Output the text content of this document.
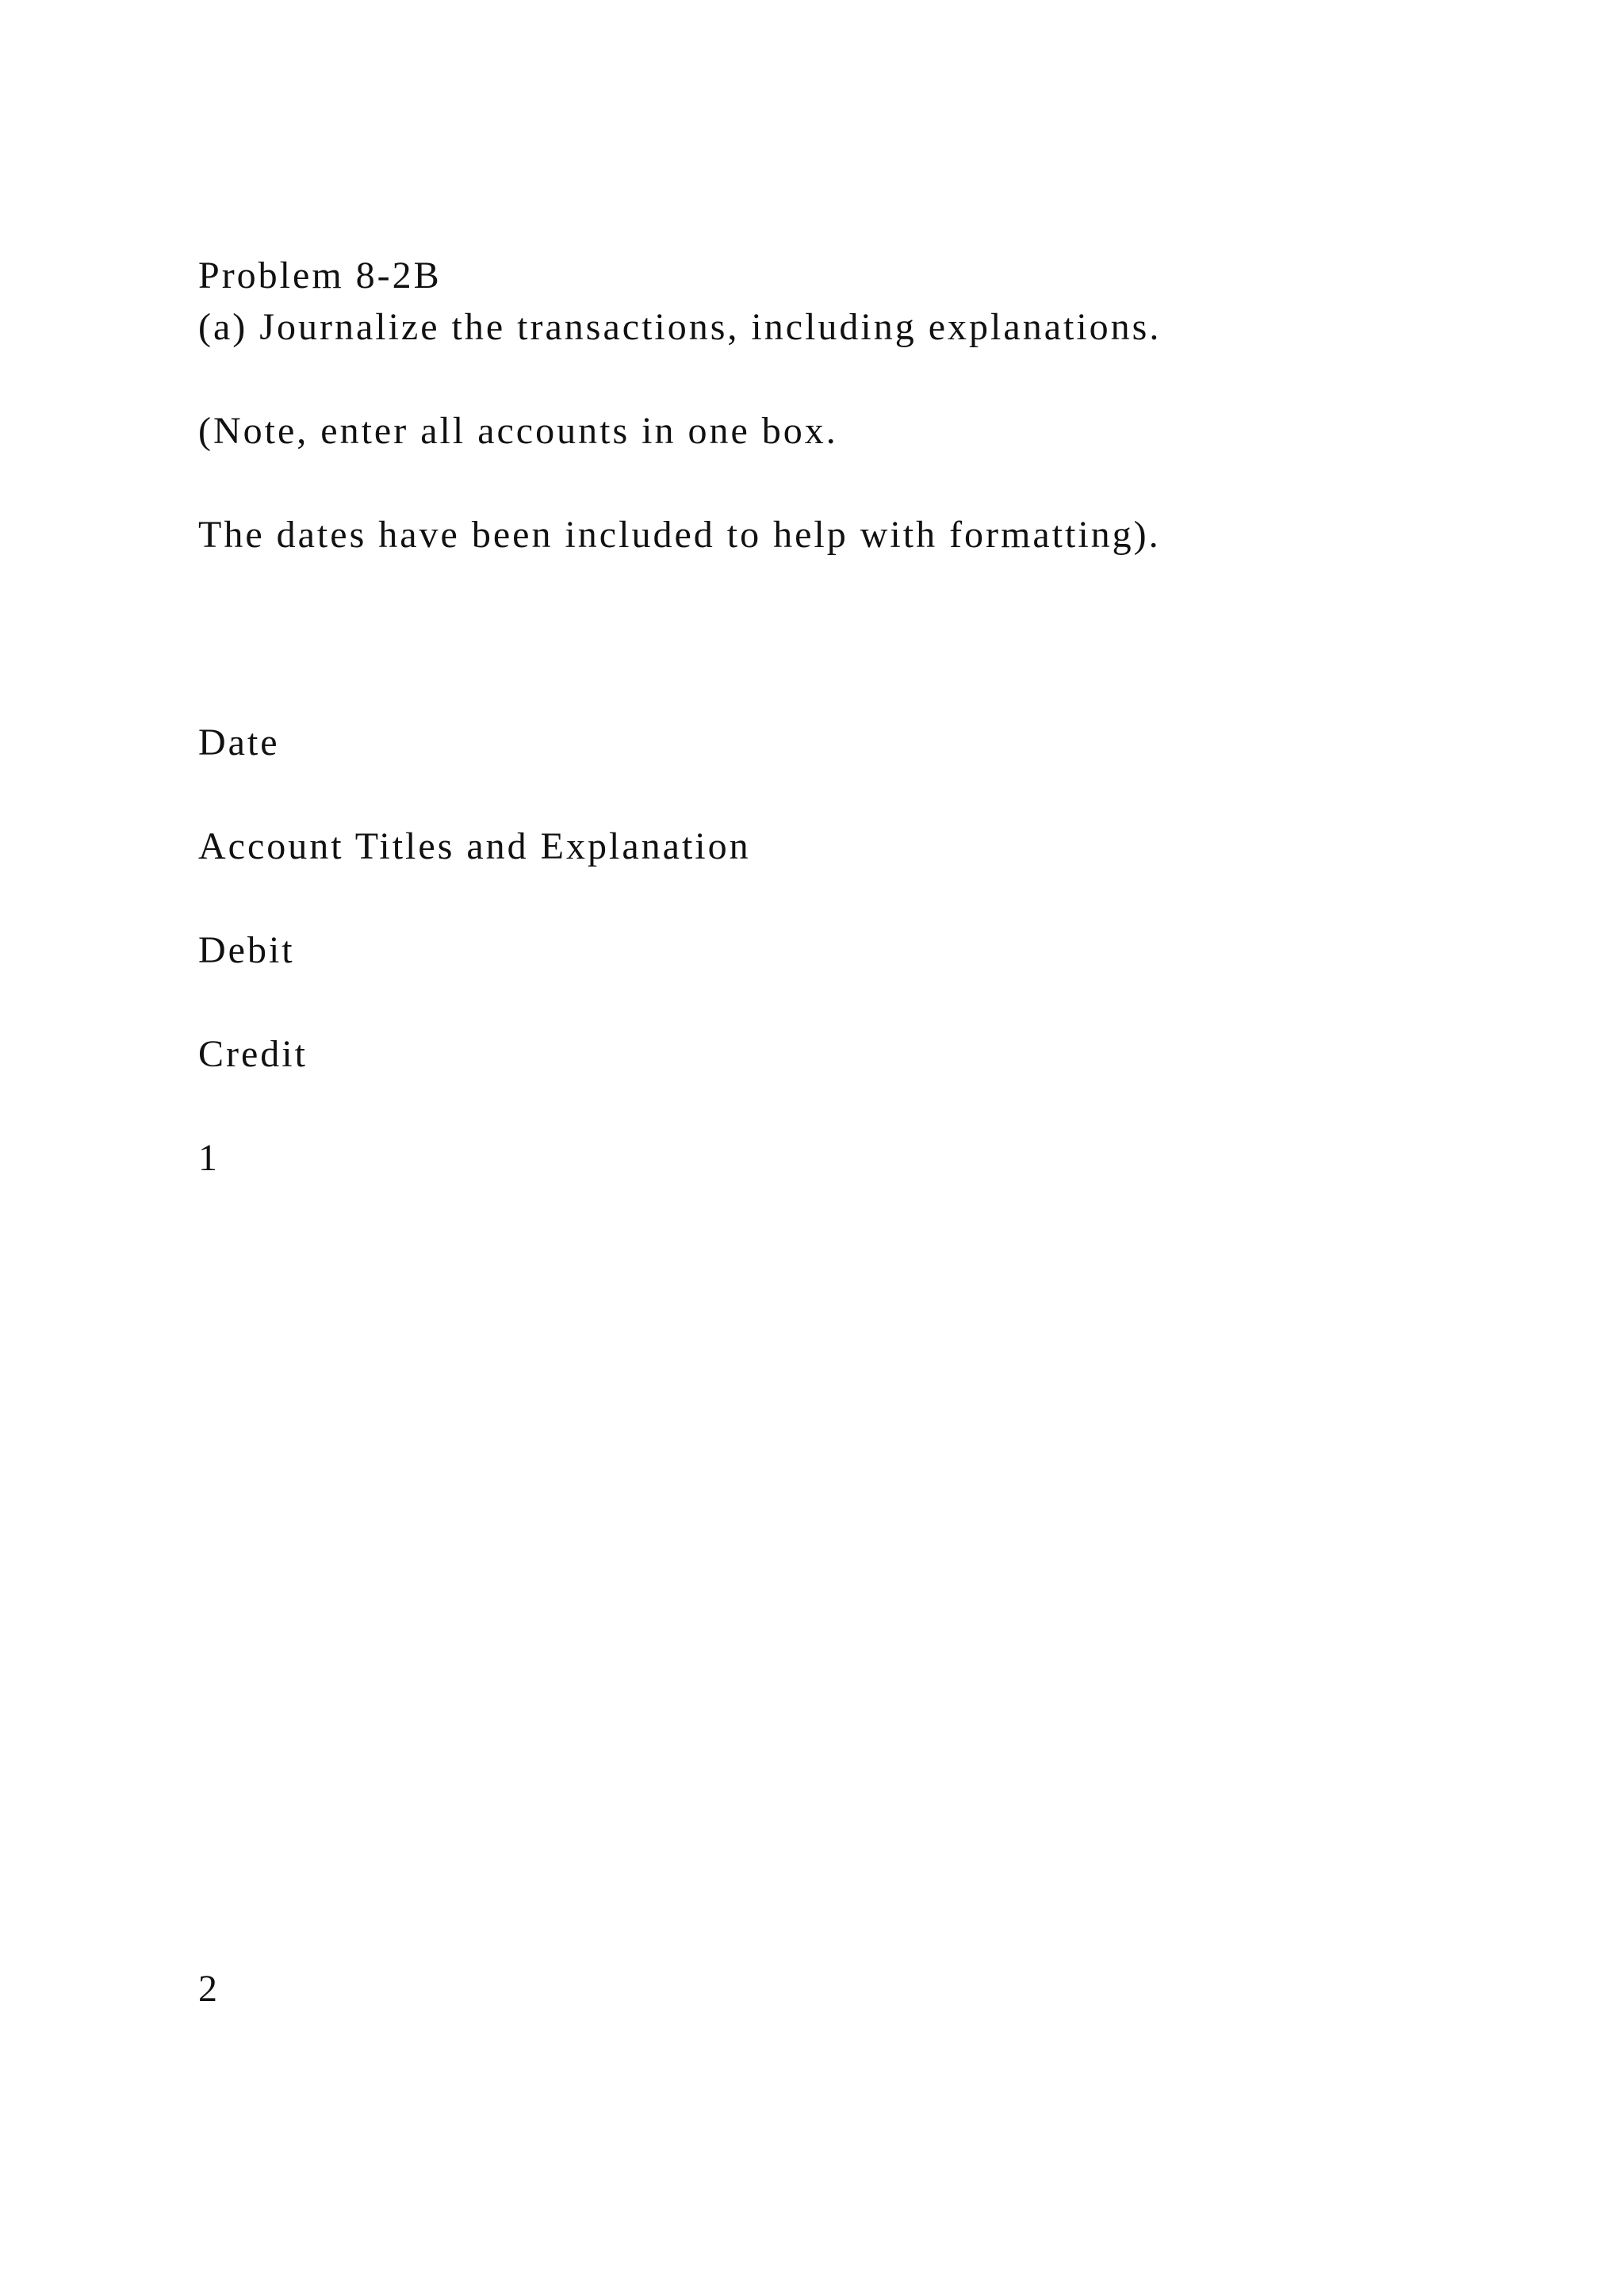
Problem 8-2B
(a) Journalize the transactions, including explanations.
(Note, enter all accounts in one box.
The dates have been included to help with formatting).
Date
Account Titles and Explanation
Debit
Credit
1
2
